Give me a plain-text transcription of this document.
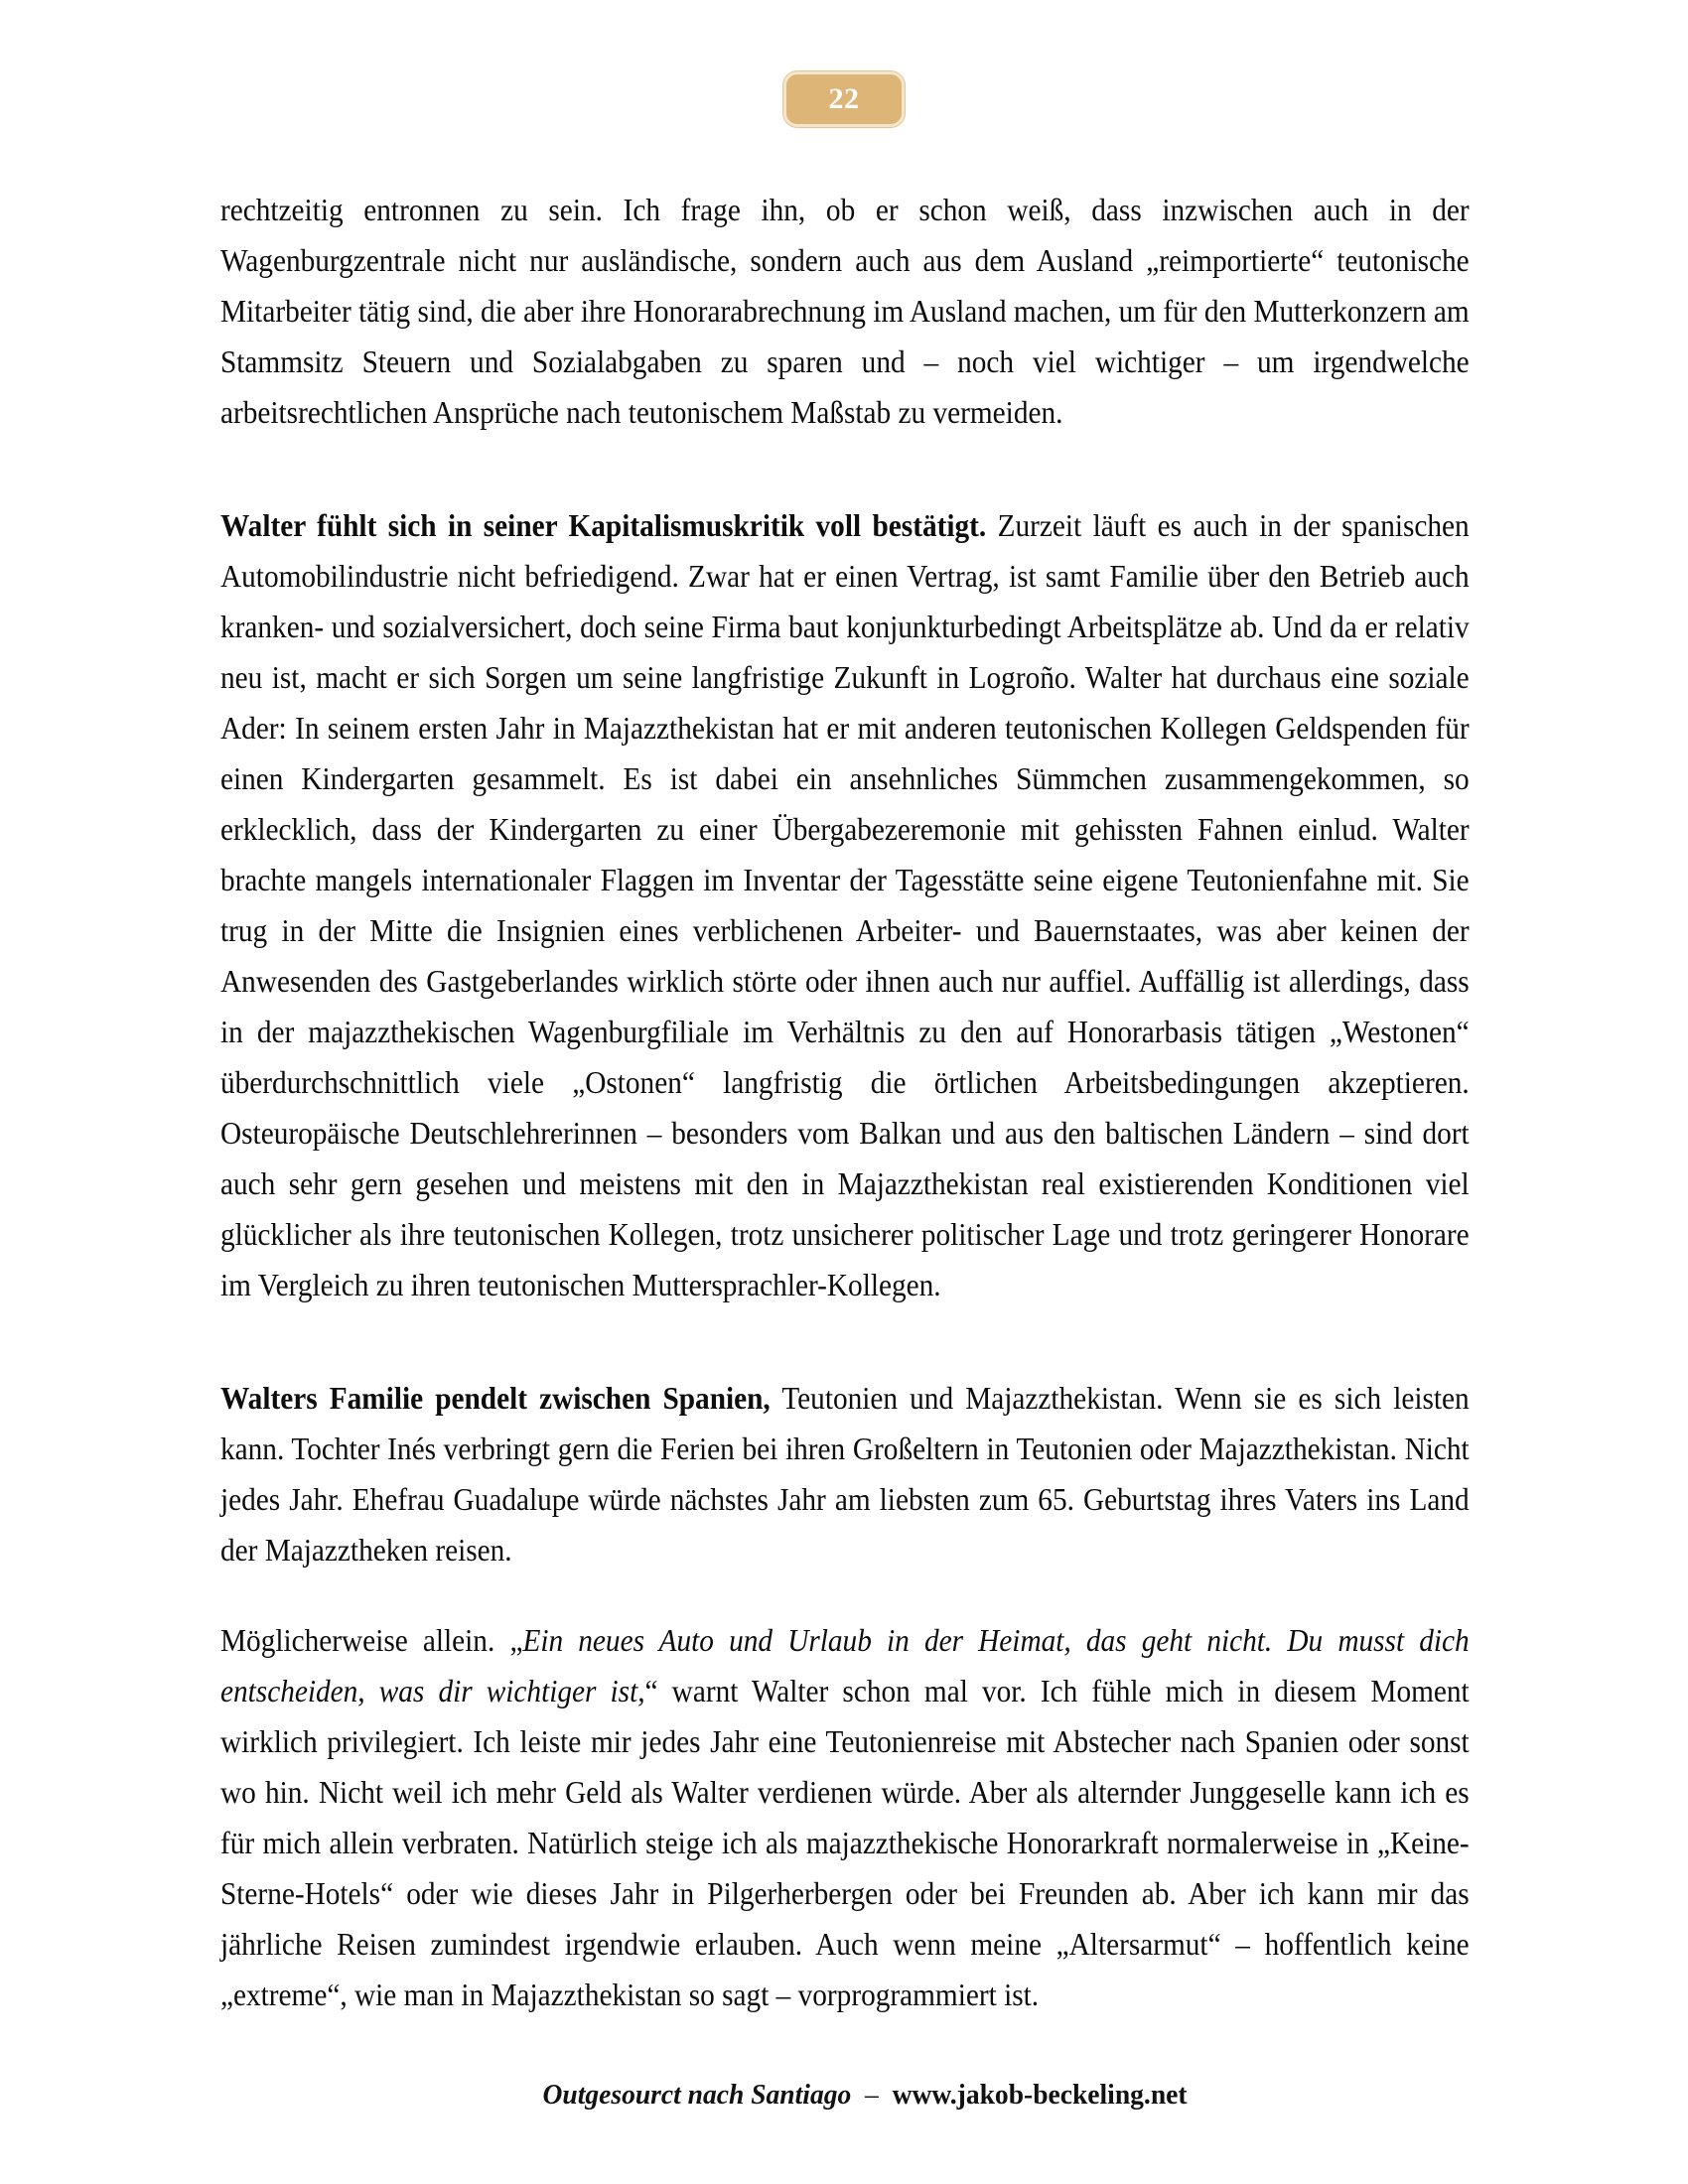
22

rechtzeitig entronnen zu sein. Ich frage ihn, ob er schon weiß, dass inzwischen auch in der Wagenburgzentrale nicht nur ausländische, sondern auch aus dem Ausland „reimportierte“ teutonische Mitarbeiter tätig sind, die aber ihre Honorarabrechnung im Ausland machen, um für den Mutterkonzern am Stammsitz Steuern und Sozialabgaben zu sparen und – noch viel wichtiger – um irgendwelche arbeitsrechtlichen Ansprüche nach teutonischem Maßstab zu vermeiden.

Walter fühlt sich in seiner Kapitalismuskritik voll bestätigt. Zurzeit läuft es auch in der spanischen Automobilindustrie nicht befriedigend. Zwar hat er einen Vertrag, ist samt Familie über den Betrieb auch kranken- und sozialversichert, doch seine Firma baut konjunkturbedingt Arbeitsplätze ab. Und da er relativ neu ist, macht er sich Sorgen um seine langfristige Zukunft in Logroño. Walter hat durchaus eine soziale Ader: In seinem ersten Jahr in Majazzthekistan hat er mit anderen teutonischen Kollegen Geldspenden für einen Kindergarten gesammelt. Es ist dabei ein ansehnliches Sümmchen zusammengekommen, so erklecklich, dass der Kindergarten zu einer Übergabezeremonie mit gehissten Fahnen einlud. Walter brachte mangels internationaler Flaggen im Inventar der Tagesstätte seine eigene Teutonienfahne mit. Sie trug in der Mitte die Insignien eines verblichenen Arbeiter- und Bauernstaates, was aber keinen der Anwesenden des Gastgeberlandes wirklich störte oder ihnen auch nur auffiel. Auffällig ist allerdings, dass in der majazzthekischen Wagenburgfiliale im Verhältnis zu den auf Honorarbasis tätigen „Westonen“ überdurchschnittlich viele „Ostonen“ langfristig die örtlichen Arbeitsbedingungen akzeptieren. Osteuropäische Deutschlehrerinnen – besonders vom Balkan und aus den baltischen Ländern – sind dort auch sehr gern gesehen und meistens mit den in Majazzthekistan real existierenden Konditionen viel glücklicher als ihre teutonischen Kollegen, trotz unsicherer politischer Lage und trotz geringerer Honorare im Vergleich zu ihren teutonischen Muttersprachler-Kollegen.

Walters Familie pendelt zwischen Spanien, Teutonien und Majazzthekistan. Wenn sie es sich leisten kann. Tochter Inés verbringt gern die Ferien bei ihren Großeltern in Teutonien oder Majazzthekistan. Nicht jedes Jahr. Ehefrau Guadalupe würde nächstes Jahr am liebsten zum 65. Geburtstag ihres Vaters ins Land der Majazztheken reisen.

Möglicherweise allein. „Ein neues Auto und Urlaub in der Heimat, das geht nicht. Du musst dich entscheiden, was dir wichtiger ist,“ warnt Walter schon mal vor. Ich fühle mich in diesem Moment wirklich privilegiert. Ich leiste mir jedes Jahr eine Teutonienreise mit Abstecher nach Spanien oder sonst wo hin. Nicht weil ich mehr Geld als Walter verdienen würde. Aber als alternder Junggeselle kann ich es für mich allein verbraten. Natürlich steige ich als majazzthekische Honorarkraft normalerweise in „Keine-Sterne-Hotels“ oder wie dieses Jahr in Pilgerherbergen oder bei Freunden ab. Aber ich kann mir das jährliche Reisen zumindest irgendwie erlauben. Auch wenn meine „Altersarmut“ – hoffentlich keine „extreme“, wie man in Majazzthekistan so sagt – vorprogrammiert ist.

Outgesourct nach Santiago  –  www.jakob-beckeling.net
